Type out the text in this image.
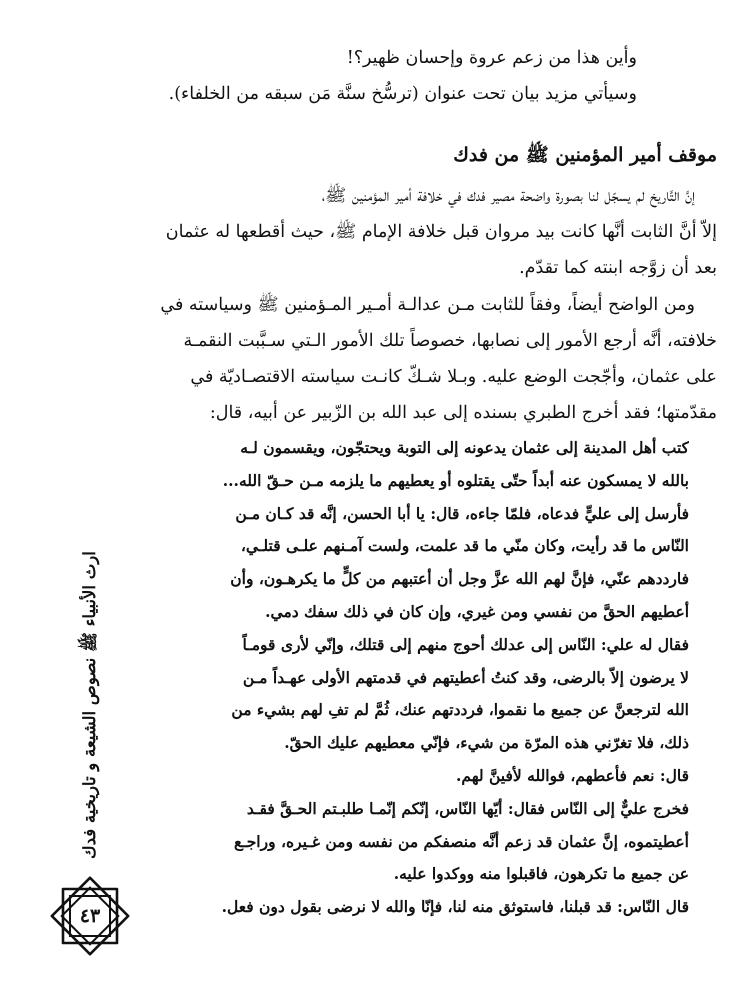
وأين هذا من زعم عروة وإحسان ظهير؟!
وسيأتي مزيد بيان تحت عنوان (ترسُّخ سنَّة مَن سبقه من الخلفاء).
موقف أمير المؤمنين ﷺ من فدك
إنَّ التَّاريخ لم يسجّل لنا بصورة واضحة مصير فدك في خلافة أمير المؤمنين ﷺ،
إلاّ أنَّ الثابت أنَّها كانت بيد مروان قبل خلافة الإمام ﷺ، حيث أقطعها له عثمان
بعد أن زوَّجه ابنته كما تقدّم.
ومن الواضح أيضاً، وفقاً للثابت مـن عدالـة أمـير المـؤمنين ﷺ وسياسته في
خلافته، أنَّه أرجع الأمور إلى نصابها، خصوصاً تلك الأمور الـتي سـبَّبت النقمـة
على عثمان، وأجّجت الوضع عليه. وبـلا شـكّ كانـت سياسته الاقتصـاديّة في
مقدّمتها؛ فقد أخرج الطبري بسنده إلى عبد الله بن الزّبير عن أبيه، قال:
كتب أهل المدينة إلى عثمان يدعونه إلى التوبة ويحتجّون، ويقسمون لـه
بالله لا يمسكون عنه أبداً حتّى يقتلوه أو يعطيهم ما يلزمه مـن حـقّ الله...
فأرسل إلى عليٍّ فدعاه، فلمّا جاءه، قال: يا أبا الحسن، إنَّه قد كـان مـن
النّاس ما قد رأيت، وكان منّي ما قد علمت، ولست آمـنهم علـى قتلـي،
فارددهم عنّي، فإنَّ لهم الله عزَّ وجل أن أعتبهم من كلٍّ ما يكرهـون، وأن
أعطيهم الحقَّ من نفسي ومن غيري، وإن كان في ذلك سفك دمي.
فقال له علي: النّاس إلى عدلك أحوج منهم إلى قتلك، وإنّي لأرى قومـاً
لا يرضون إلاّ بالرضى، وقد كنتُ أعطيتهم في قدمتهم الأولى عهـداً مـن
الله لترجعنَّ عن جميع ما نقموا، فرددتهم عنك، ثُمَّ لم تفِ لهم بشيء من
ذلك، فلا تغرّني هذه المرّة من شيء، فإنّي معطيهم عليك الحقّ.
قال: نعم فأعطهم، فوالله لأفينَّ لهم.
فخرج عليٌّ إلى النّاس فقال: أيّها النّاس، إنّكم إنّمـا طلبـتم الحـقَّ فقـد
أعطيتموه، إنَّ عثمان قد زعم أنَّه منصفكم من نفسه ومن غـيره، وراجـع
عن جميع ما تكرهون، فاقبلوا منه ووكدوا عليه.
قال النّاس: قد قبلنا، فاستوثق منه لنا، فإنّا والله لا نرضى بقول دون فعل.
ارث الأنبياء ﷺ نصوص الشيعة و تاريخية فدك
٤٣
